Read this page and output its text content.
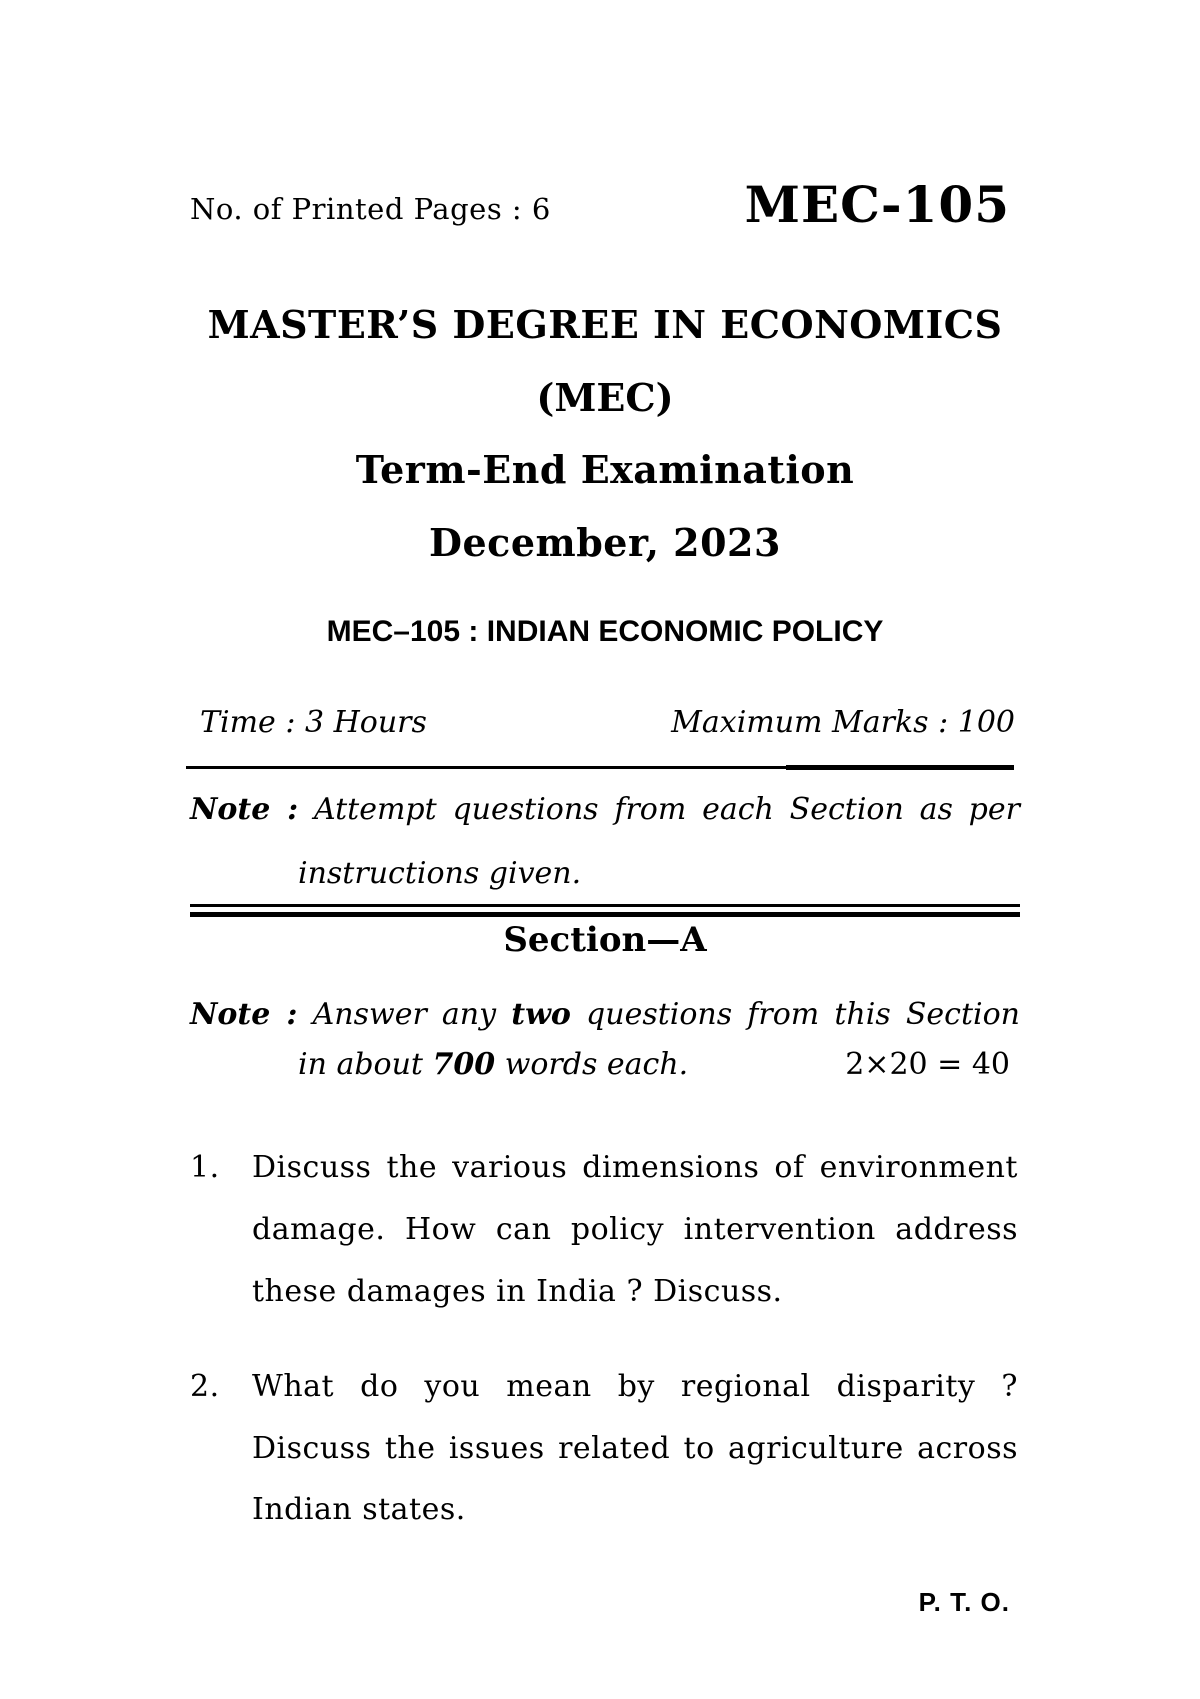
No. of Printed Pages : 6	MEC-105
MASTER’S DEGREE IN ECONOMICS
(MEC)
Term-End Examination
December, 2023
MEC–105 : INDIAN ECONOMIC POLICY
Time : 3 Hours	Maximum Marks : 100
Note : Attempt questions from each Section as per
instructions given.
Section—A
Note : Answer any two questions from this Section
in about 700 words each.	2×20 = 40
1. Discuss the various dimensions of environment
damage. How can policy intervention address
these damages in India ? Discuss.
2. What do you mean by regional disparity ?
Discuss the issues related to agriculture across
Indian states.
P. T. O.
